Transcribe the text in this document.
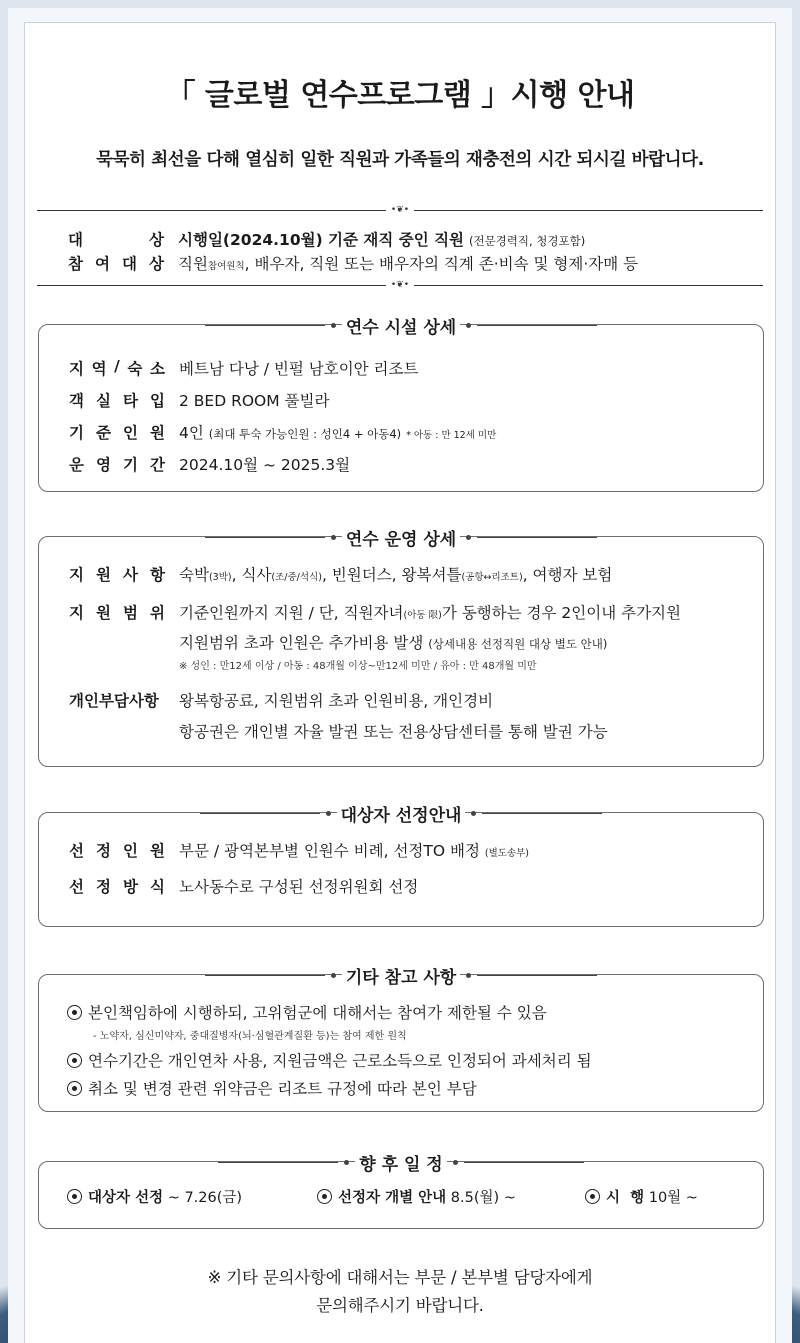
「 글로벌 연수프로그램 」시행 안내
묵묵히 최선을 다해 열심히 일한 직원과 가족들의 재충전의 시간 되시길 바랍니다.
•❦•
대	상 시행일(2024.10월) 기준 재직 중인 직원 (전문경력직, 청경포함)
참 여 대 상 직원참여원칙, 배우자, 직원 또는 배우자의 직계 존·비속 및 형제·자매 등
•❦•
연수 시설 상세
지 역 / 숙 소 베트남 다낭 / 빈펄 남호이안 리조트
객 실 타 입 2 BED ROOM 풀빌라
기 준 인 원 4인 (최대 투숙 가능인원 : 성인4 + 아동4) * 아동 : 만 12세 미만
운 영 기 간 2024.10월 ~ 2025.3월
연수 운영 상세
지 원 사 항 숙박(3박), 식사(조/중/석식), 빈원더스, 왕복셔틀(공항↔리조트), 여행자 보험
지 원 범 위 기준인원까지 지원 / 단, 직원자녀(아동 限)가 동행하는 경우 2인이내 추가지원
지원범위 초과 인원은 추가비용 발생 (상세내용 선정직원 대상 별도 안내)
※ 성인 : 만12세 이상 / 아동 : 48개월 이상~만12세 미만 / 유아 : 만 48개월 미만
개인부담사항 왕복항공료, 지원범위 초과 인원비용, 개인경비
항공권은 개인별 자율 발권 또는 전용상담센터를 통해 발권 가능
대상자 선정안내
선 정 인 원 부문 / 광역본부별 인원수 비례, 선정TO 배정 (별도송부)
선 정 방 식 노사동수로 구성된 선정위원회 선정
기타 참고 사항
본인책임하에 시행하되, 고위험군에 대해서는 참여가 제한될 수 있음
- 노약자, 심신미약자, 중대질병자(뇌·심혈관계질환 등)는 참여 제한 원칙
연수기간은 개인연차 사용, 지원금액은 근로소득으로 인정되어 과세처리 됨
취소 및 변경 관련 위약금은 리조트 규정에 따라 본인 부담
향 후 일 정
대상자 선정 ~ 7.26(금)	선정자 개별 안내 8.5(월) ~	시  행 10월 ~
※ 기타 문의사항에 대해서는 부문 / 본부별 담당자에게
문의해주시기 바랍니다.
